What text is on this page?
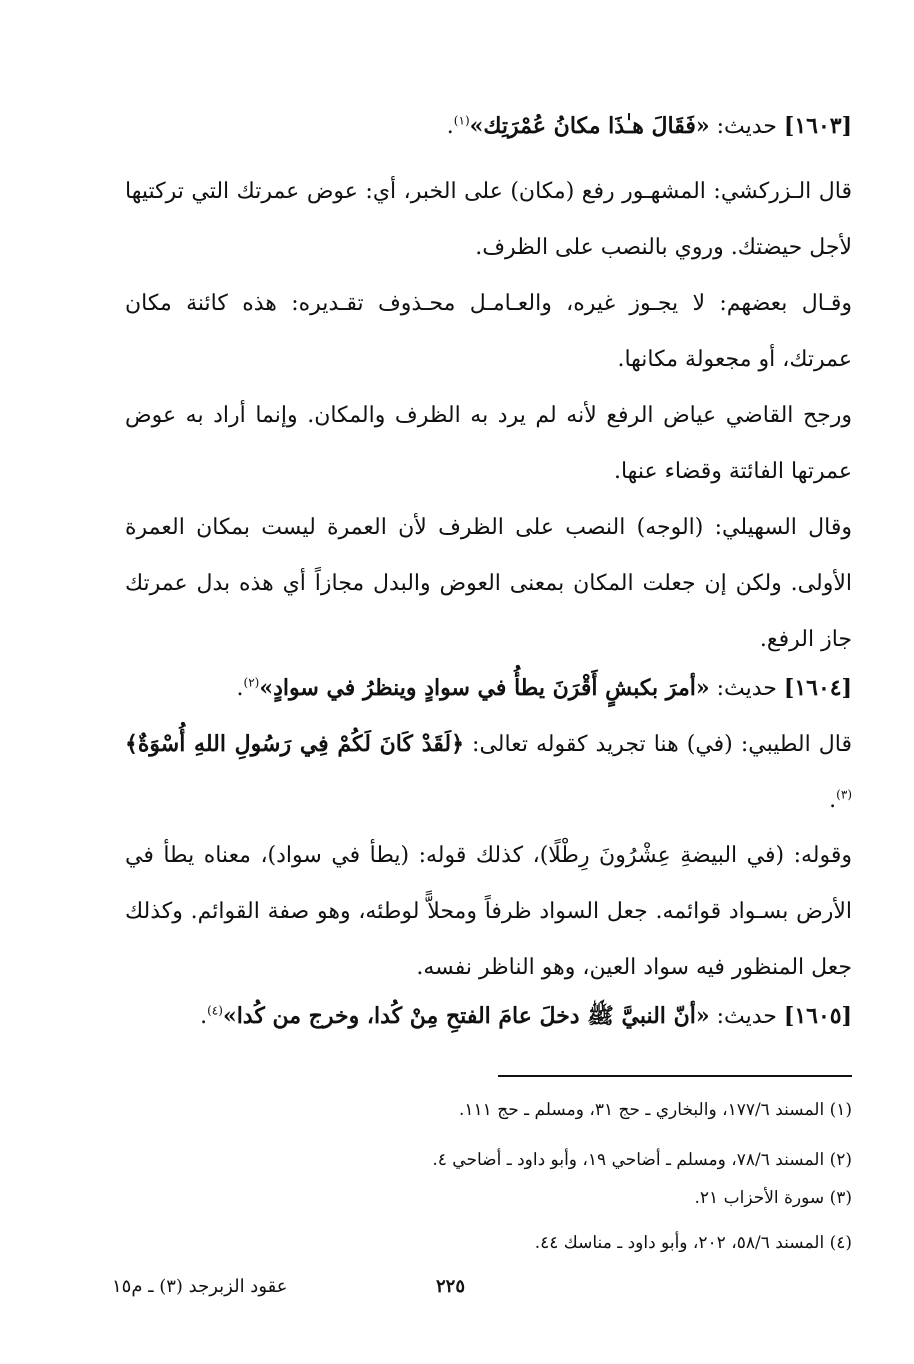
[١٦٠٣] حديث: «فَقَالَ هـٰذَا مكانُ عُمْرَتِك»$^{(١)}$.
قال الـزركشي: المشهـور رفع (مكان) على الخبر، أي: عوض عمرتك التي تركتيها لأجل حيضتك. وروي بالنصب على الظرف.
وقـال بعضهم: لا يجـوز غيره، والعـامـل محـذوف تقـديره: هذه كائنة مكان عمرتك، أو مجعولة مكانها.
ورجح القاضي عياض الرفع لأنه لم يرد به الظرف والمكان. وإنما أراد به عوض عمرتها الفائتة وقضاء عنها.
وقال السهيلي: (الوجه) النصب على الظرف لأن العمرة ليست بمكان العمرة الأولى. ولكن إن جعلت المكان بمعنى العوض والبدل مجازاً أي هذه بدل عمرتك جاز الرفع.
[١٦٠٤] حديث: «أمرَ بكبشٍ أَقْرَنَ يطأُ في سوادٍ وينظرُ في سوادٍ»$^{(٢)}$.
قال الطيبي: (في) هنا تجريد كقوله تعالى: ﴿لَقَدْ كَانَ لَكُمْ فِي رَسُولِ اللهِ أُسْوَةٌ﴾$^{(٣)}$.
وقوله: (في البيضةِ عِشْرُونَ رِطْلًا)، كذلك قوله: (يطأ في سواد)، معناه يطأ في الأرض بسـواد قوائمه. جعل السواد ظرفاً ومحلاًّ لوطئه، وهو صفة القوائم. وكذلك جعل المنظور فيه سواد العين، وهو الناظر نفسه.
[١٦٠٥] حديث: «أنّ النبيَّ ﷺ دخلَ عامَ الفتحِ مِنْ كُدا، وخرج من كُدا»$^{(٤)}$.
(١) المسند ١٧٧/٦، والبخاري ـ حج ٣١، ومسلم ـ حج ١١١.
(٢) المسند ٧٨/٦، ومسلم ـ أضاحي ١٩، وأبو داود ـ أضاحي ٤.
(٣) سورة الأحزاب ٢١.
(٤) المسند ٥٨/٦، ٢٠٢، وأبو داود ـ مناسك ٤٤.
٢٢٥
عقود الزبرجد (٣) ـ م١٥
